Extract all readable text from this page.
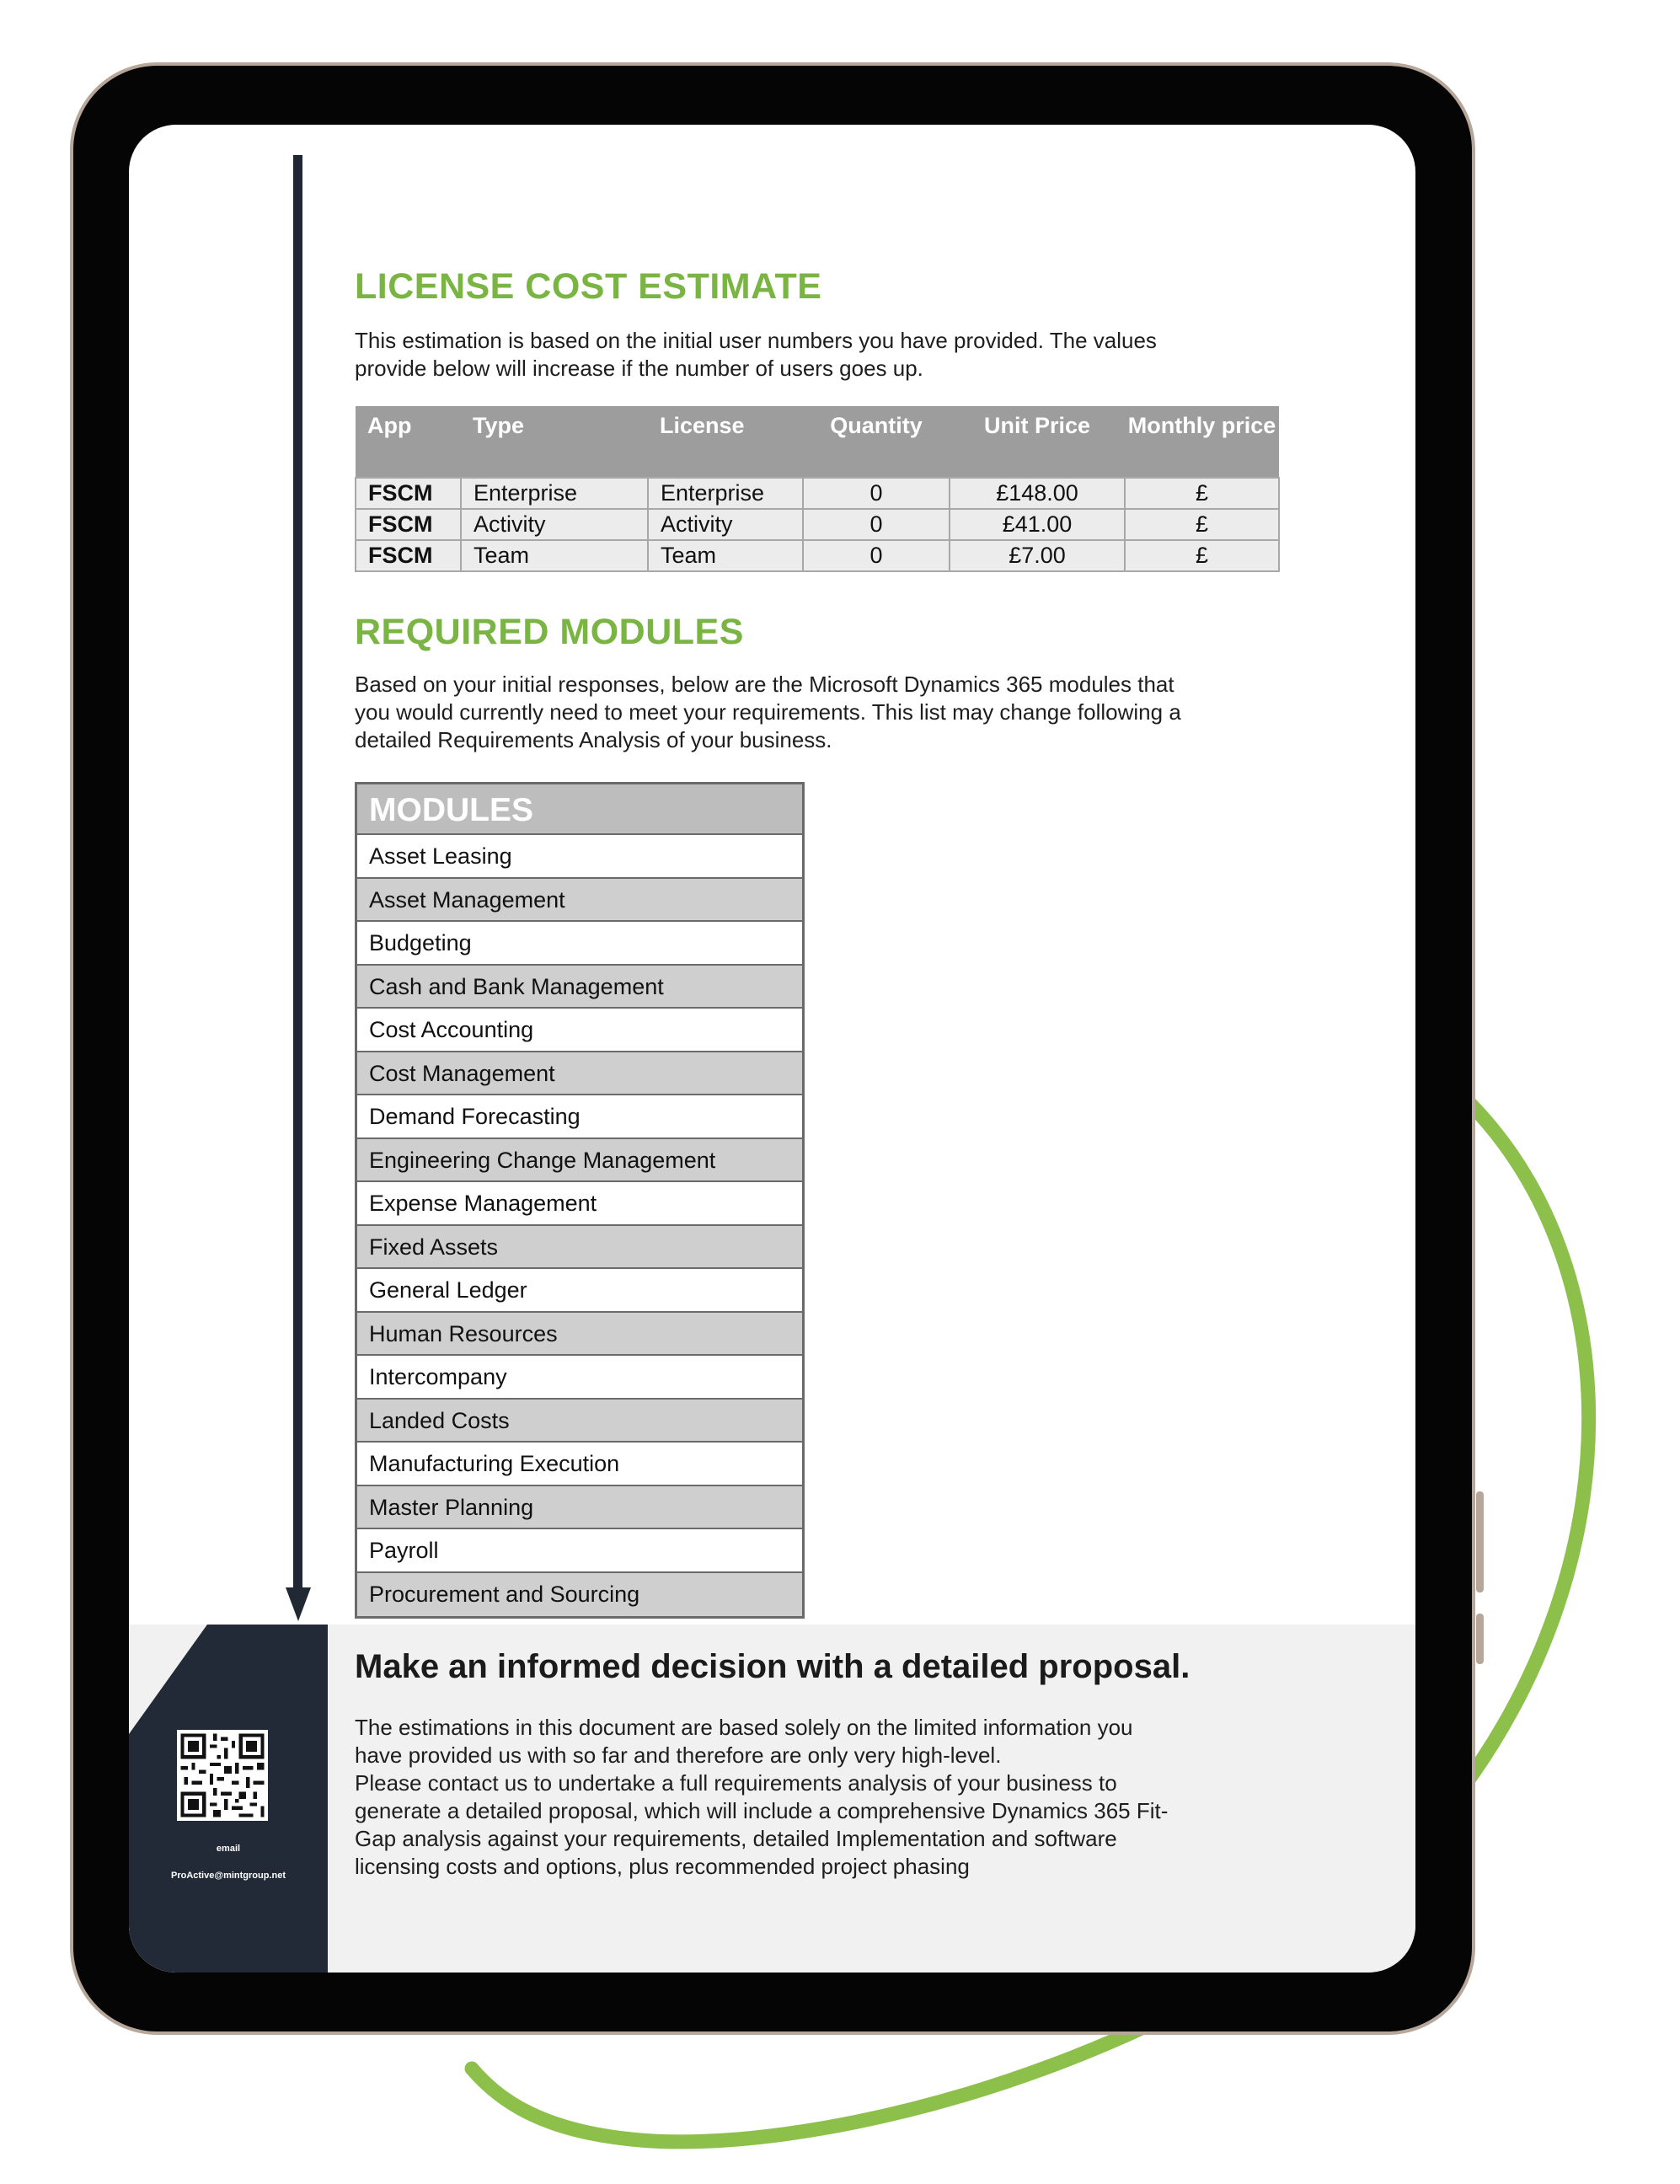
LICENSE COST ESTIMATE
This estimation is based on the initial user numbers you have provided. The values
provide below will increase if the number of users goes up.
App	Type	License	Quantity	Unit Price	Monthly price
FSCM	Enterprise	Enterprise	0	£148.00	£
FSCM	Activity	Activity	0	£41.00	£
FSCM	Team	Team	0	£7.00	£
REQUIRED MODULES
Based on your initial responses, below are the Microsoft Dynamics 365 modules that
you would currently need to meet your requirements. This list may change following a
detailed Requirements Analysis of your business.
MODULES
Asset Leasing
Asset Management
Budgeting
Cash and Bank Management
Cost Accounting
Cost Management
Demand Forecasting
Engineering Change Management
Expense Management
Fixed Assets
General Ledger
Human Resources
Intercompany
Landed Costs
Manufacturing Execution
Master Planning
Payroll
Procurement and Sourcing
email
ProActive@mintgroup.net
Make an informed decision with a detailed proposal.
The estimations in this document are based solely on the limited information you
have provided us with so far and therefore are only very high-level.
Please contact us to undertake a full requirements analysis of your business to
generate a detailed proposal, which will include a comprehensive Dynamics 365 Fit-
Gap analysis against your requirements, detailed Implementation and software
licensing costs and options, plus recommended project phasing
